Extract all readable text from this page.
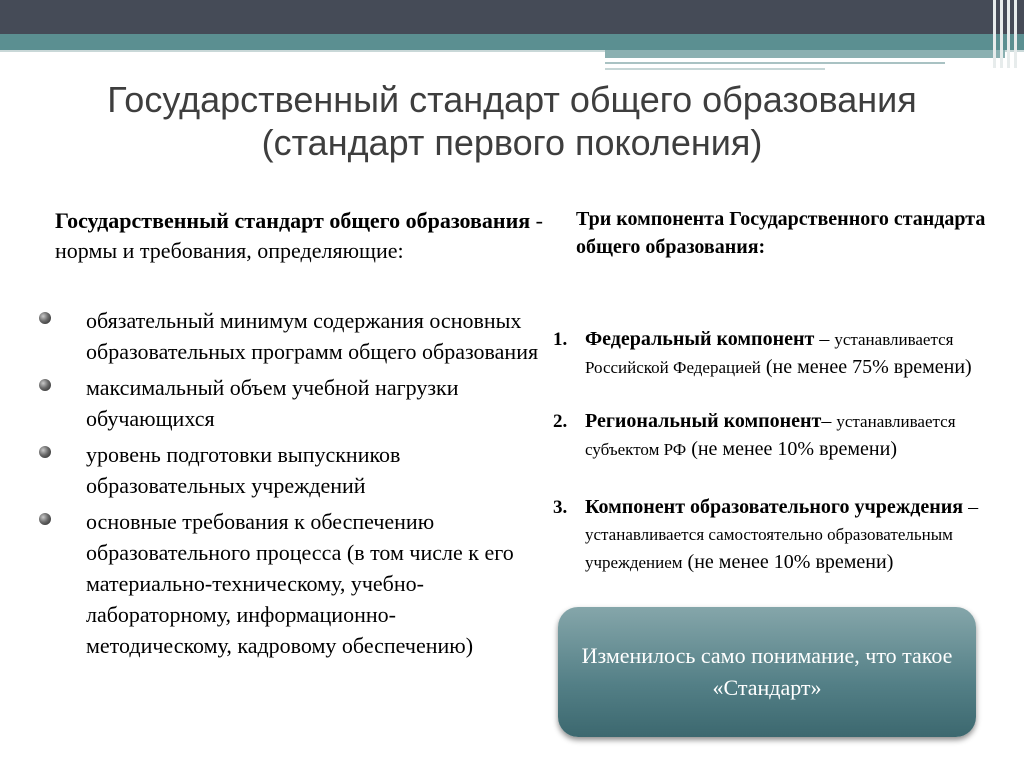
Государственный стандарт общего образования (стандарт первого поколения)
Государственный стандарт общего образования - нормы и требования, определяющие:
обязательный минимум содержания основных образовательных программ общего образования
максимальный объем учебной нагрузки обучающихся
уровень подготовки выпускников образовательных учреждений
основные требования к обеспечению образовательного процесса (в том числе к его материально-техническому, учебно-лабораторному, информационно-методическому, кадровому обеспечению)
Три компонента Государственного стандарта общего образования:
1. Федеральный компонент – устанавливается Российской Федерацией (не менее 75% времени)
2. Региональный компонент– устанавливается субъектом РФ (не менее 10% времени)
3. Компонент образовательного учреждения – устанавливается самостоятельно образовательным учреждением (не менее 10% времени)
Изменилось само понимание, что такое «Стандарт»
